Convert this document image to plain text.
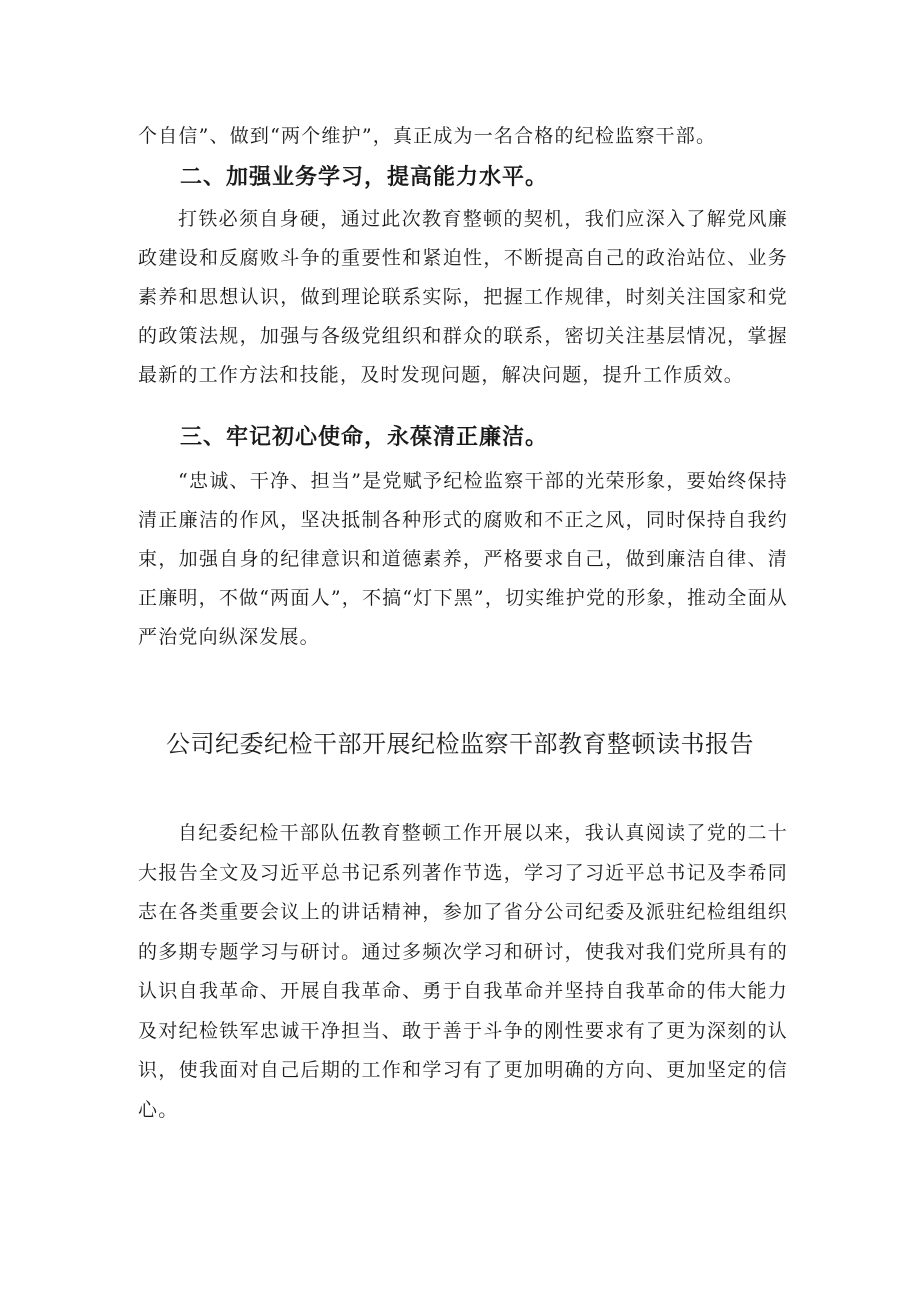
个自信”、做到“两个维护”，真正成为一名合格的纪检监察干部。

二、加强业务学习，提高能力水平。

打铁必须自身硬，通过此次教育整顿的契机，我们应深入了解党风廉政建设和反腐败斗争的重要性和紧迫性，不断提高自己的政治站位、业务素养和思想认识，做到理论联系实际，把握工作规律，时刻关注国家和党的政策法规，加强与各级党组织和群众的联系，密切关注基层情况，掌握最新的工作方法和技能，及时发现问题，解决问题，提升工作质效。

三、牢记初心使命，永葆清正廉洁。

“忠诚、干净、担当”是党赋予纪检监察干部的光荣形象，要始终保持清正廉洁的作风，坚决抵制各种形式的腐败和不正之风，同时保持自我约束，加强自身的纪律意识和道德素养，严格要求自己，做到廉洁自律、清正廉明，不做“两面人”，不搞“灯下黑”，切实维护党的形象，推动全面从严治党向纵深发展。

公司纪委纪检干部开展纪检监察干部教育整顿读书报告

自纪委纪检干部队伍教育整顿工作开展以来，我认真阅读了党的二十大报告全文及习近平总书记系列著作节选，学习了习近平总书记及李希同志在各类重要会议上的讲话精神，参加了省分公司纪委及派驻纪检组组织的多期专题学习与研讨。通过多频次学习和研讨，使我对我们党所具有的认识自我革命、开展自我革命、勇于自我革命并坚持自我革命的伟大能力及对纪检铁军忠诚干净担当、敢于善于斗争的刚性要求有了更为深刻的认识，使我面对自己后期的工作和学习有了更加明确的方向、更加坚定的信心。
